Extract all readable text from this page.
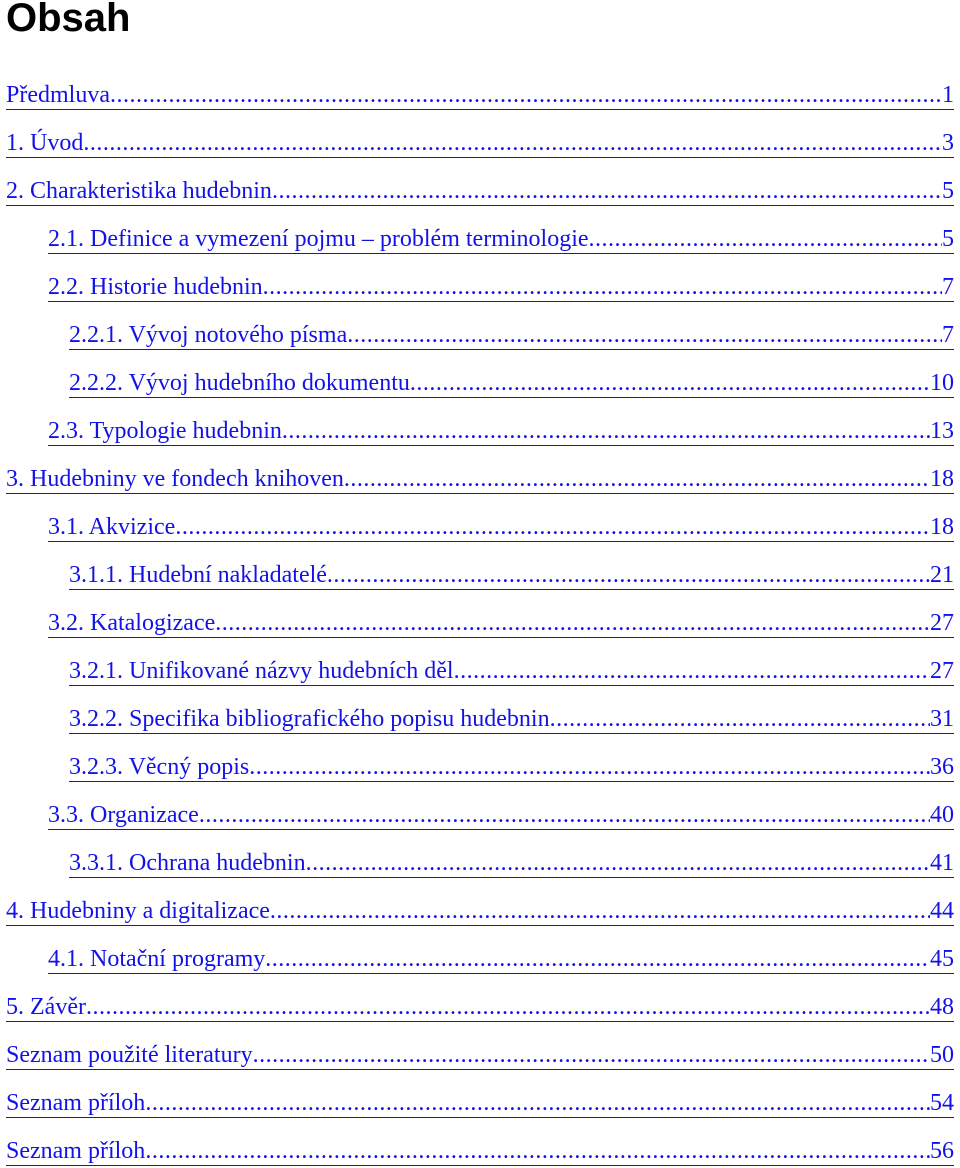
Obsah
Předmluva .....	1
1. Úvod .....	3
2. Charakteristika hudebnin .....	5
2.1. Definice a vymezení pojmu – problém terminologie .....	5
2.2. Historie hudebnin .....	7
2.2.1. Vývoj notového písma .....	7
2.2.2. Vývoj hudebního dokumentu .....	10
2.3. Typologie hudebnin .....	13
3. Hudebniny ve fondech knihoven .....	18
3.1. Akvizice .....	18
3.1.1. Hudební nakladatelé .....	21
3.2. Katalogizace .....	27
3.2.1. Unifikované názvy hudebních děl .....	27
3.2.2. Specifika bibliografického popisu hudebnin .....	31
3.2.3. Věcný popis .....	36
3.3. Organizace .....	40
3.3.1. Ochrana hudebnin .....	41
4. Hudebniny a digitalizace .....	44
4.1. Notační programy .....	45
5. Závěr .....	48
Seznam použité literatury .....	50
Seznam příloh .....	54
Seznam příloh .....	56
